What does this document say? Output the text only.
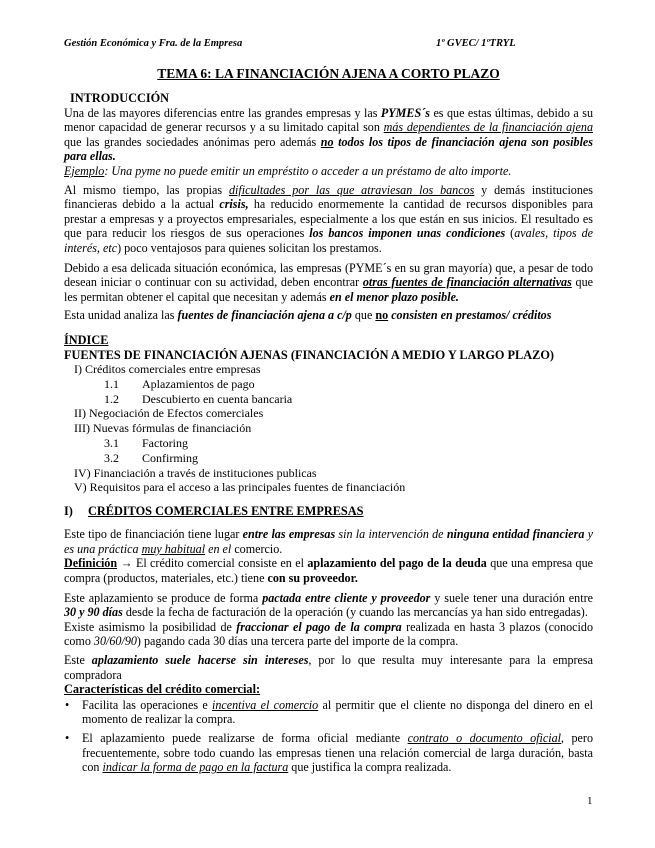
Gestión Económica y Fra. de la Empresa	1º GVEC/ 1ºTRYL
TEMA 6: LA FINANCIACIÓN AJENA A CORTO PLAZO
INTRODUCCIÓN

Una de las mayores diferencias entre las grandes empresas y las PYMES´s es que estas últimas, debido a su menor capacidad de generar recursos y a su limitado capital son más dependientes de la financiación ajena que las grandes sociedades anónimas pero además no todos los tipos de financiación ajena son posibles para ellas.

Ejemplo: Una pyme no puede emitir un empréstito o acceder a un préstamo de alto importe.

Al mismo tiempo, las propias dificultades por las que atraviesan los bancos y demás instituciones financieras debido a la actual crisis, ha reducido enormemente la cantidad de recursos disponibles para prestar a empresas y a proyectos empresariales, especialmente a los que están en sus inicios. El resultado es que para reducir los riesgos de sus operaciones los bancos imponen unas condiciones (avales, tipos de interés, etc) poco ventajosos para quienes solicitan los prestamos.

Debido a esa delicada situación económica, las empresas (PYME´s en su gran mayoría) que, a pesar de todo desean iniciar o continuar con su actividad, deben encontrar otras fuentes de financiación alternativas que les permitan obtener el capital que necesitan y además en el menor plazo posible.

Esta unidad analiza las fuentes de financiación ajena a c/p que no consisten en prestamos/ créditos

ÍNDICE
FUENTES DE FINANCIACIÓN AJENAS (FINANCIACIÓN A MEDIO Y LARGO PLAZO)
I) Créditos comerciales entre empresas
1.1 Aplazamientos de pago
1.2 Descubierto en cuenta bancaria
II) Negociación de Efectos comerciales
III) Nuevas fórmulas de financiación
3.1 Factoring
3.2 Confirming
IV) Financiación a través de instituciones publicas
V) Requisitos para el acceso a las principales fuentes de financiación
I) CRÉDITOS COMERCIALES ENTRE EMPRESAS

Este tipo de financiación tiene lugar entre las empresas sin la intervención de ninguna entidad financiera y es una práctica muy habitual en el comercio.

Definición → El crédito comercial consiste en el aplazamiento del pago de la deuda que una empresa que compra (productos, materiales, etc.) tiene con su proveedor.

Este aplazamiento se produce de forma pactada entre cliente y proveedor y suele tener una duración entre 30 y 90 días desde la fecha de facturación de la operación (y cuando las mercancías ya han sido entregadas).

Existe asimismo la posibilidad de fraccionar el pago de la compra realizada en hasta 3 plazos (conocido como 30/60/90) pagando cada 30 días una tercera parte del importe de la compra.

Este aplazamiento suele hacerse sin intereses, por lo que resulta muy interesante para la empresa compradora

Características del crédito comercial:
• Facilita las operaciones e incentiva el comercio al permitir que el cliente no disponga del dinero en el momento de realizar la compra.
• El aplazamiento puede realizarse de forma oficial mediante contrato o documento oficial, pero frecuentemente, sobre todo cuando las empresas tienen una relación comercial de larga duración, basta con indicar la forma de pago en la factura que justifica la compra realizada.
1
